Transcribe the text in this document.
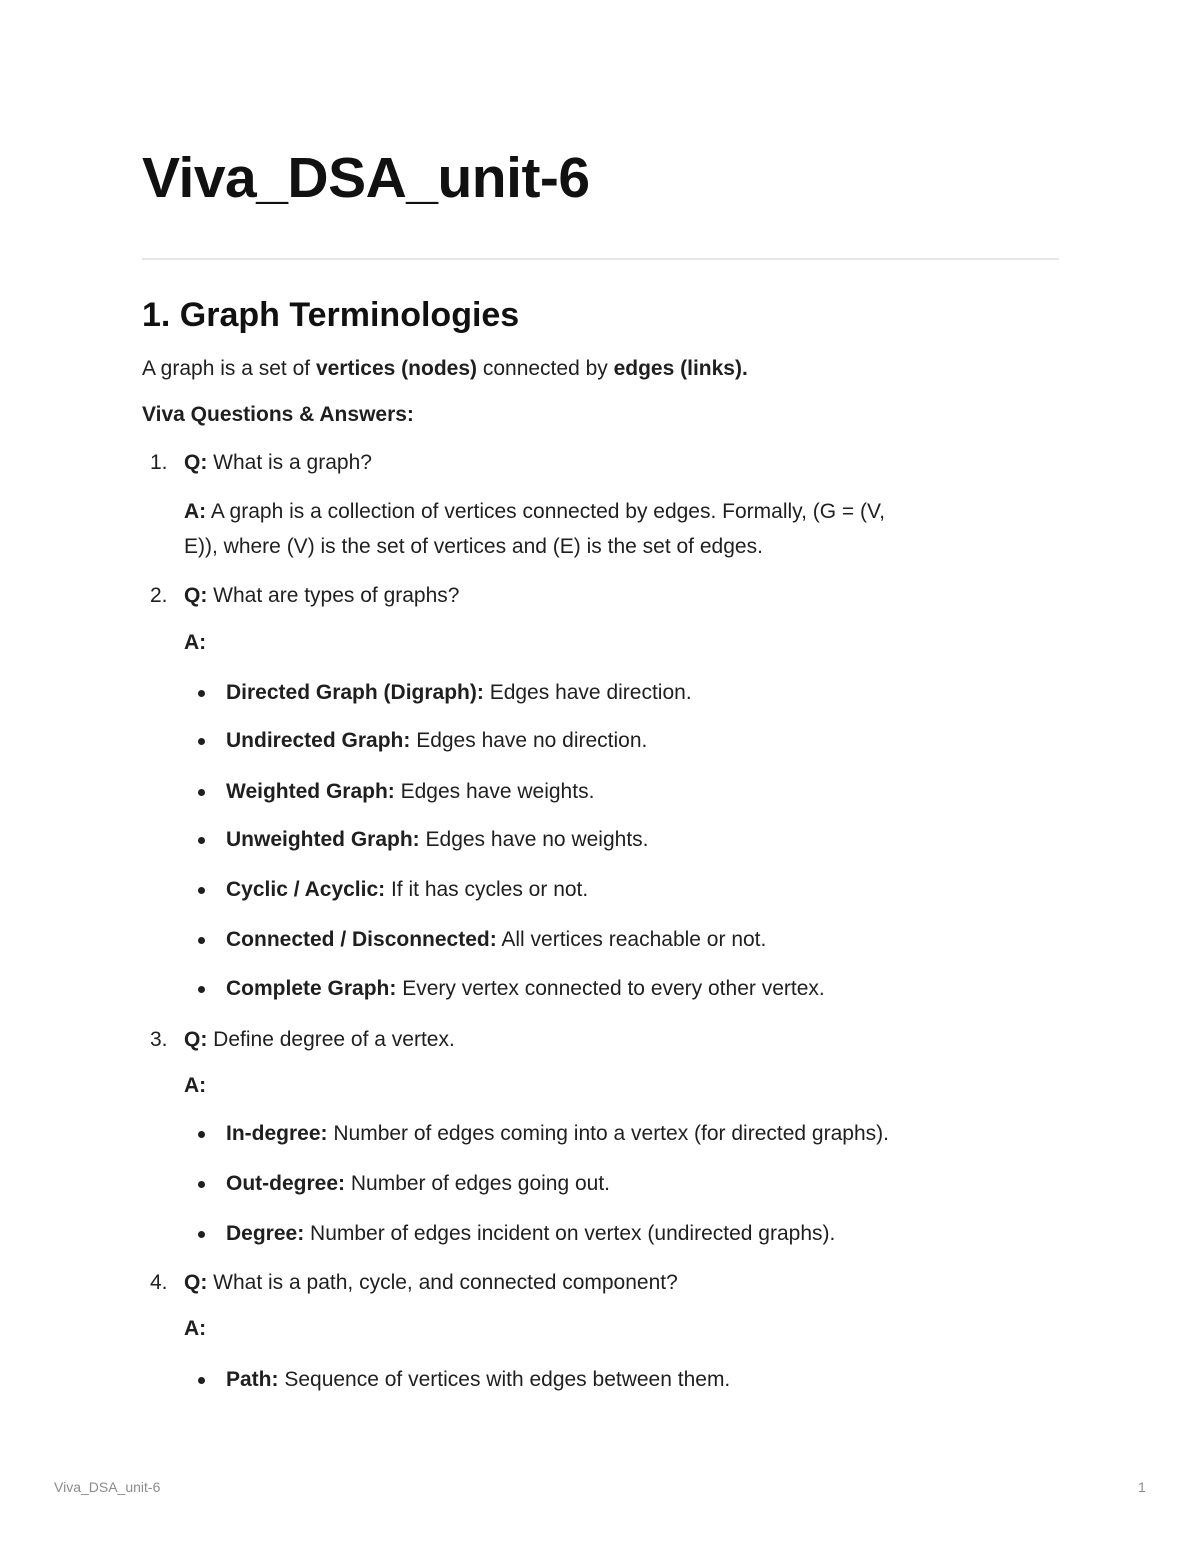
Viva_DSA_unit-6
1. Graph Terminologies

A graph is a set of vertices (nodes) connected by edges (links).

Viva Questions & Answers:

1. Q: What is a graph?
A: A graph is a collection of vertices connected by edges. Formally, (G = (V,
E)), where (V) is the set of vertices and (E) is the set of edges.
2. Q: What are types of graphs?
A:
Directed Graph (Digraph): Edges have direction.
Undirected Graph: Edges have no direction.
Weighted Graph: Edges have weights.
Unweighted Graph: Edges have no weights.
Cyclic / Acyclic: If it has cycles or not.
Connected / Disconnected: All vertices reachable or not.
Complete Graph: Every vertex connected to every other vertex.
3. Q: Define degree of a vertex.
A:
In-degree: Number of edges coming into a vertex (for directed graphs).
Out-degree: Number of edges going out.
Degree: Number of edges incident on vertex (undirected graphs).
4. Q: What is a path, cycle, and connected component?
A:
Path: Sequence of vertices with edges between them.
Viva_DSA_unit-6	1
